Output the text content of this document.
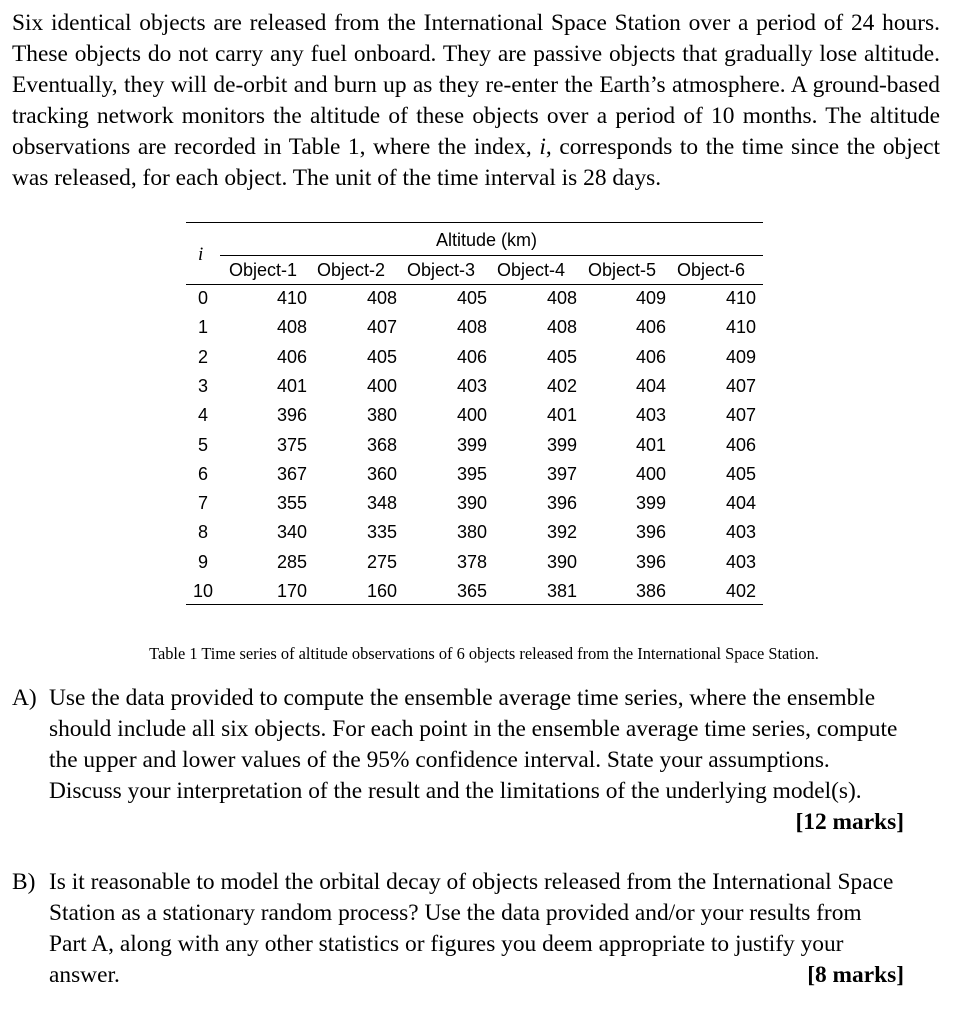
Six identical objects are released from the International Space Station over a period of 24 hours. These objects do not carry any fuel onboard. They are passive objects that gradually lose altitude. Eventually, they will de-orbit and burn up as they re-enter the Earth’s atmosphere. A ground-based tracking network monitors the altitude of these objects over a period of 10 months. The altitude observations are recorded in Table 1, where the index, i, corresponds to the time since the object was released, for each object. The unit of the time interval is 28 days.

i
Altitude (km)
Object-1 Object-2 Object-3 Object-4 Object-5 Object-6
0	410	408	405	408	409	410
1	408	407	408	408	406	410
2	406	405	406	405	406	409
3	401	400	403	402	404	407
4	396	380	400	401	403	407
5	375	368	399	399	401	406
6	367	360	395	397	400	405
7	355	348	390	396	399	404
8	340	335	380	392	396	403
9	285	275	378	390	396	403
10	170	160	365	381	386	402
Table 1 Time series of altitude observations of 6 objects released from the International Space Station.
A) Use the data provided to compute the ensemble average time series, where the ensemble should include all six objects. For each point in the ensemble average time series, compute the upper and lower values of the 95% confidence interval. State your assumptions. Discuss your interpretation of the result and the limitations of the underlying model(s).
[12 marks]
B) Is it reasonable to model the orbital decay of objects released from the International Space Station as a stationary random process? Use the data provided and/or your results from Part A, along with any other statistics or figures you deem appropriate to justify your answer.	[8 marks]
